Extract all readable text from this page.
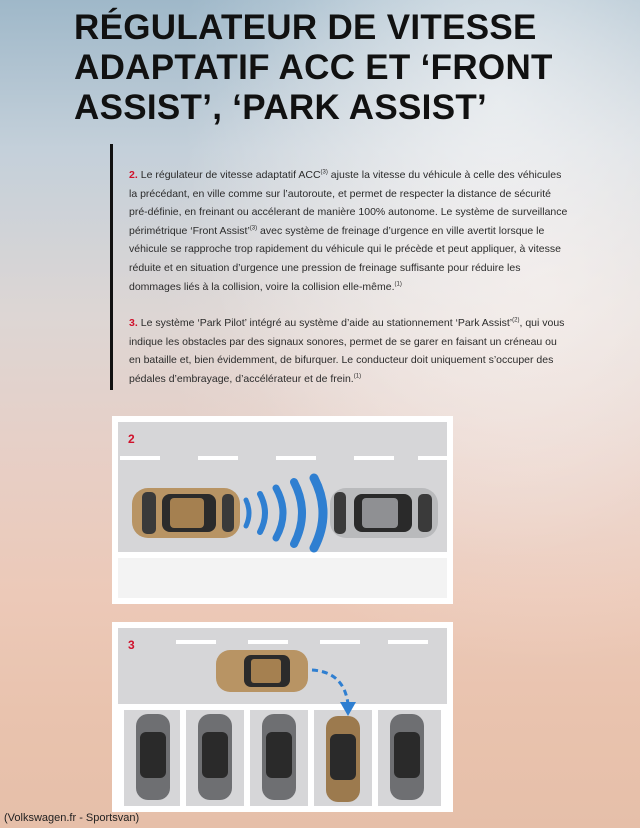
RÉGULATEUR DE VITESSE
ADAPTATIF ACC ET ‘FRONT
ASSIST’, ‘PARK ASSIST’

2. Le régulateur de vitesse adaptatif ACC$^{(3)}$ ajuste la vitesse du véhicule à celle des véhicules la précédant, en ville comme sur l’autoroute, et permet de respecter la distance de sécurité pré-définie, en freinant ou accélerant de manière 100% autonome. Le système de surveillance périmétrique ‘Front Assist’$^{(3)}$ avec système de freinage d’urgence en ville avertit lorsque le véhicule se rapproche trop rapidement du véhicule qui le précède et peut appliquer, à vitesse réduite et en situation d’urgence une pression de freinage suffisante pour réduire les dommages liés à la collision, voire la collision elle-même.$^{(1)}$

3. Le système ‘Park Pilot’ intégré au système d’aide au stationnement ‘Park Assist’$^{(2)}$, qui vous indique les obstacles par des signaux sonores, permet de se garer en faisant un créneau ou en bataille et, bien évidemment, de bifurquer. Le conducteur doit uniquement s’occuper des pédales d’embrayage, d’accélérateur et de frein.$^{(1)}$

2
3
(Volkswagen.fr - Sportsvan)
